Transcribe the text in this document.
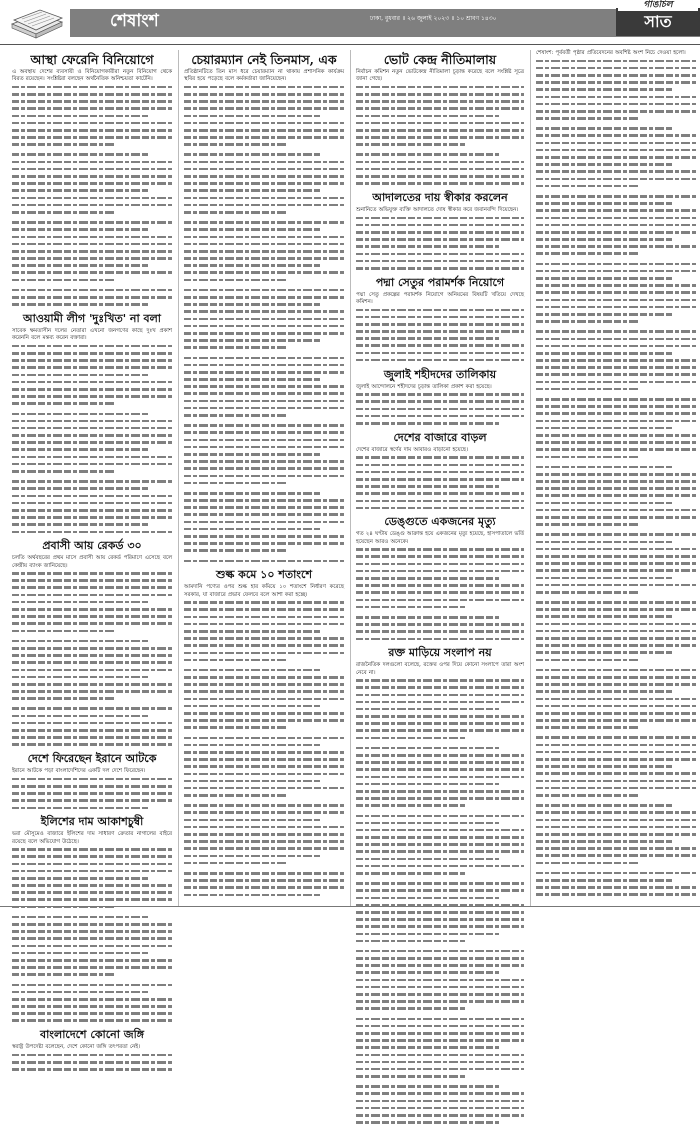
শেষাংশ	ঢাকা, বুধবার ॥ ২৬ জুলাই ২০২৩ ॥ ১০ শ্রাবণ ১৪৩০	সাত
গাঙচিল
আস্থা ফেরেনি বিনিয়োগে
এ অবস্থায় দেশের ব্যবসায়ী ও বিনিয়োগকারীরা নতুন বিনিয়োগ থেকে বিরত রয়েছেন। সংশ্লিষ্টরা বলছেন অর্থনৈতিক অনিশ্চয়তা কাটেনি।
আওয়ামী লীগ 'দুঃখিত' না বলা
সাবেক ক্ষমতাসীন দলের নেতারা এখনো জনগণের কাছে দুঃখ প্রকাশ করেননি বলে মন্তব্য করেন বক্তারা।
প্রবাসী আয় রেকর্ড ৩০
চলতি অর্থবছরের প্রথম মাসে প্রবাসী আয় রেকর্ড পরিমাণে এসেছে বলে কেন্দ্রীয় ব্যাংক জানিয়েছে।
দেশে ফিরেছেন ইরানে আটকে
ইরানে আটকে পড়া বাংলাদেশিদের একটি দল দেশে ফিরেছেন।
ইলিশের দাম আকাশচুম্বী
ভরা মৌসুমেও বাজারে ইলিশের দাম সাধারণ ক্রেতার নাগালের বাইরে রয়েছে বলে অভিযোগ উঠেছে।
বাংলাদেশে কোনো জঙ্গি
স্বরাষ্ট্র উপদেষ্টা বলেছেন, দেশে কোনো জঙ্গি তৎপরতা নেই।
চেয়ারম্যান নেই তিনমাস, এক
প্রতিষ্ঠানটিতে তিন মাস ধরে চেয়ারম্যান না থাকায় প্রশাসনিক কার্যক্রম স্থবির হয়ে পড়েছে বলে কর্মকর্তারা জানিয়েছেন।
শুল্ক কমে ১০ শতাংশে
আমদানি পণ্যের ওপর শুল্ক হার কমিয়ে ১০ শতাংশে নির্ধারণ করেছে সরকার, যা বাজারে প্রভাব ফেলবে বলে আশা করা হচ্ছে।
ভোট কেন্দ্র নীতিমালায়
নির্বাচন কমিশন নতুন ভোটকেন্দ্র নীতিমালা চূড়ান্ত করেছে বলে সংশ্লিষ্ট সূত্রে জানা গেছে।
আদালতের দায় স্বীকার করলেন
শুনানিতে অভিযুক্ত ব্যক্তি আদালতে দোষ স্বীকার করে জবানবন্দি দিয়েছেন।
পদ্মা সেতুর পরামর্শক নিয়োগে
পদ্মা সেতু প্রকল্পের পরামর্শক নিয়োগে অনিয়মের বিষয়টি খতিয়ে দেখছে কমিশন।
জুলাই শহীদদের তালিকায়
জুলাই আন্দোলনে শহীদদের চূড়ান্ত তালিকা প্রকাশ করা হয়েছে।
দেশের বাজারে বাড়ল
দেশের বাজারে স্বর্ণের দাম আবারও বাড়ানো হয়েছে।
ডেঙ্গুতে একজনের মৃত্যু
গত ২৪ ঘণ্টায় ডেঙ্গু আক্রান্ত হয়ে একজনের মৃত্যু হয়েছে, হাসপাতালে ভর্তি হয়েছেন আরও অনেকে।
রক্ত মাড়িয়ে সংলাপ নয়
রাজনৈতিক দলগুলো বলেছে, রক্তের ওপর দিয়ে কোনো সংলাপে তারা অংশ নেবে না।
শেষাংশ: পূর্ববর্তী পৃষ্ঠার প্রতিবেদনের অবশিষ্ট অংশ নিচে দেওয়া হলো।
